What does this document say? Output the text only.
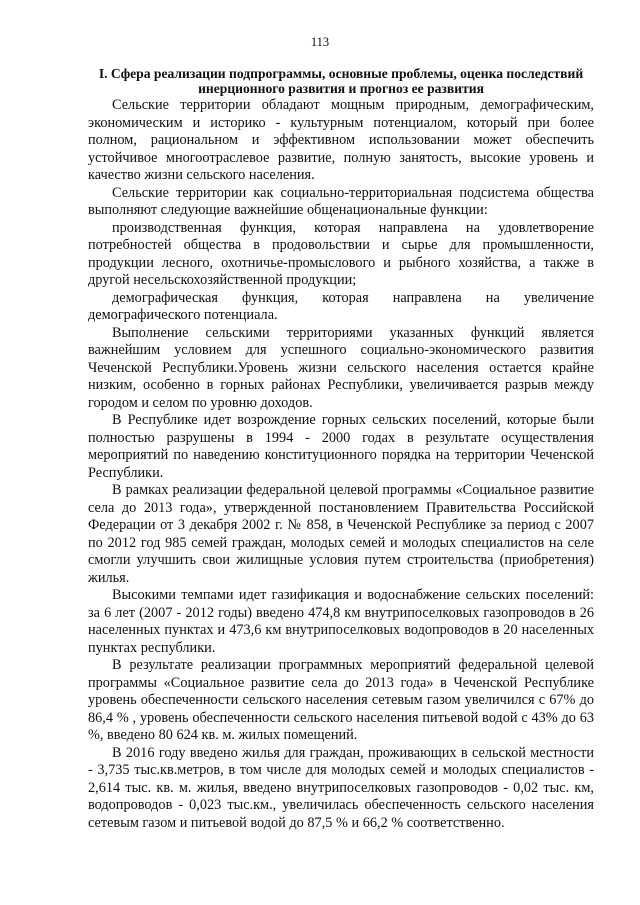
113
I. Сфера реализации подпрограммы, основные проблемы, оценка последствий инерционного развития и прогноз ее развития

Сельские территории обладают мощным природным, демографическим, экономическим и историко - культурным потенциалом, который при более полном, рациональном и эффективном использовании может обеспечить устойчивое многоотраслевое развитие, полную занятость, высокие уровень и качество жизни сельского населения.

Сельские территории как социально-территориальная подсистема общества выполняют следующие важнейшие общенациональные функции:

производственная функция, которая направлена на удовлетворение потребностей общества в продовольствии и сырье для промышленности, продукции лесного, охотничье-промыслового и рыбного хозяйства, а также в другой несельскохозяйственной продукции;

демографическая функция, которая направлена на увеличение демографического потенциала.

Выполнение сельскими территориями указанных функций является важнейшим условием для успешного социально-экономического развития Чеченской Республики.Уровень жизни сельского населения остается крайне низким, особенно в горных районах Республики, увеличивается разрыв между городом и селом по уровню доходов.

В Республике идет возрождение горных сельских поселений, которые были полностью разрушены в 1994 - 2000 годах в результате осуществления мероприятий по наведению конституционного порядка на территории Чеченской Республики.

В рамках реализации федеральной целевой программы «Социальное развитие села до 2013 года», утвержденной постановлением Правительства Российской Федерации от 3 декабря 2002 г. № 858, в Чеченской Республике за период с 2007 по 2012 год 985 семей граждан, молодых семей и молодых специалистов на селе смогли улучшить свои жилищные условия путем строительства (приобретения) жилья.

Высокими темпами идет газификация и водоснабжение сельских поселений: за 6 лет (2007 - 2012 годы) введено 474,8 км внутрипоселковых газопроводов в 26 населенных пунктах и 473,6 км внутрипоселковых водопроводов в 20 населенных пунктах республики.

В результате реализации программных мероприятий федеральной целевой программы «Социальное развитие села до 2013 года» в Чеченской Республике уровень обеспеченности сельского населения сетевым газом увеличился с 67% до 86,4 % , уровень обеспеченности сельского населения питьевой водой с 43% до 63 %, введено 80 624 кв. м. жилых помещений.

В 2016 году введено жилья для граждан, проживающих в сельской местности - 3,735 тыс.кв.метров, в том числе для молодых семей и молодых специалистов - 2,614 тыс. кв. м. жилья, введено внутрипоселковых газопроводов - 0,02 тыс. км, водопроводов - 0,023 тыс.км., увеличилась обеспеченность сельского населения сетевым газом и питьевой водой до 87,5 % и 66,2 % соответственно.
